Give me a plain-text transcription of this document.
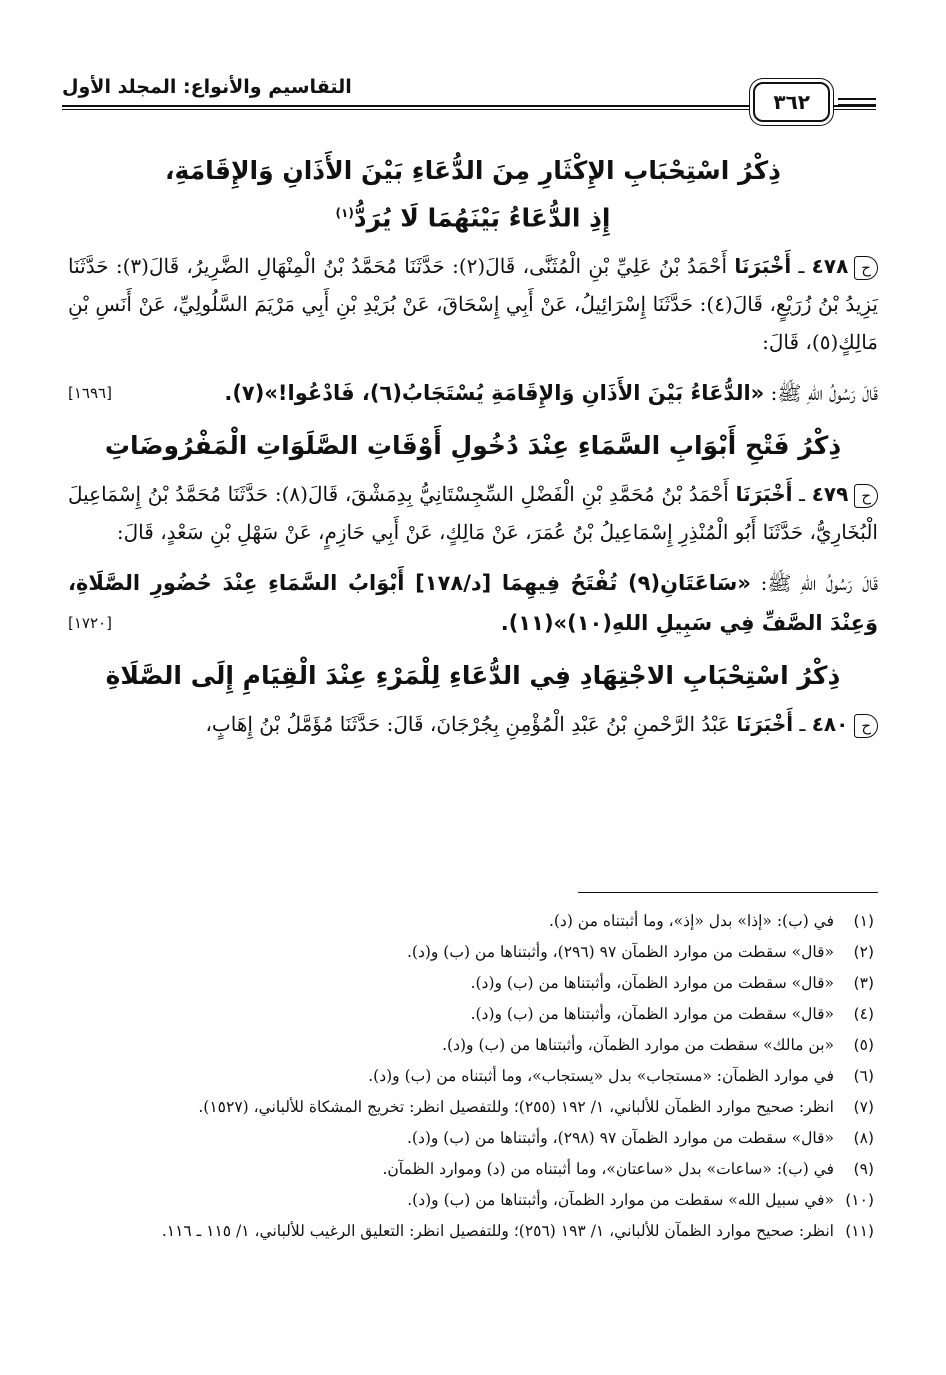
٣٦٢
التقاسيم والأنواع: المجلد الأول
ذِكْرُ اسْتِحْبَابِ الإِكْثَارِ مِنَ الدُّعَاءِ بَيْنَ الأَذَانِ وَالإِقَامَةِ،
إِذِ الدُّعَاءُ بَيْنَهُمَا لَا يُرَدُّ$^{(١)}$
ح٤٧٨ ـ أَخْبَرَنَا أَحْمَدُ بْنُ عَلِيِّ بْنِ الْمُثَنَّى، قَالَ(٢): حَدَّثَنَا مُحَمَّدُ بْنُ الْمِنْهَالِ الضَّرِيرُ، قَالَ(٣): حَدَّثَنَا يَزِيدُ بْنُ زُرَيْعٍ، قَالَ(٤): حَدَّثَنَا إِسْرَائِيلُ، عَنْ أَبِي إِسْحَاقَ، عَنْ بُرَيْدِ بْنِ أَبِي مَرْيَمَ السَّلُولِيِّ، عَنْ أَنَسِ بْنِ مَالِكٍ(٥)، قَالَ:
قَالَ رَسُولُ اللهِ ﷺ: «الدُّعَاءُ بَيْنَ الأَذَانِ وَالإِقَامَةِ يُسْتَجَابُ(٦)، فَادْعُوا!»(٧).
[١٦٩٦]
ذِكْرُ فَتْحِ أَبْوَابِ السَّمَاءِ عِنْدَ دُخُولِ أَوْقَاتِ الصَّلَوَاتِ الْمَفْرُوضَاتِ
ح٤٧٩ ـ أَخْبَرَنَا أَحْمَدُ بْنُ مُحَمَّدِ بْنِ الْفَضْلِ السِّجِسْتَانِيُّ بِدِمَشْقَ، قَالَ(٨): حَدَّثَنَا مُحَمَّدُ بْنُ إِسْمَاعِيلَ الْبُخَارِيُّ، حَدَّثَنَا أَبُو الْمُنْذِرِ إِسْمَاعِيلُ بْنُ عُمَرَ، عَنْ مَالِكٍ، عَنْ أَبِي حَازِمٍ، عَنْ سَهْلِ بْنِ سَعْدٍ، قَالَ:
قَالَ رَسُولُ اللهِ ﷺ: «سَاعَتَانِ(٩) تُفْتَحُ فِيهِمَا [د/١٧٨] أَبْوَابُ السَّمَاءِ عِنْدَ حُضُورِ الصَّلَاةِ، وَعِنْدَ الصَّفِّ فِي سَبِيلِ اللهِ(١٠)»(١١).
[١٧٢٠]
ذِكْرُ اسْتِحْبَابِ الاجْتِهَادِ فِي الدُّعَاءِ لِلْمَرْءِ عِنْدَ الْقِيَامِ إِلَى الصَّلَاةِ
ح٤٨٠ ـ أَخْبَرَنَا عَبْدُ الرَّحْمنِ بْنُ عَبْدِ الْمُؤْمِنِ بِجُرْجَانَ، قَالَ: حَدَّثَنَا مُؤَمَّلُ بْنُ إِهَابٍ،
(١)
في (ب): «إذا» بدل «إذ»، وما أثبتناه من (د).
(٢)
«قال» سقطت من موارد الظمآن ٩٧ (٢٩٦)، وأثبتناها من (ب) و(د).
(٣)
«قال» سقطت من موارد الظمآن، وأثبتناها من (ب) و(د).
(٤)
«قال» سقطت من موارد الظمآن، وأثبتناها من (ب) و(د).
(٥)
«بن مالك» سقطت من موارد الظمآن، وأثبتناها من (ب) و(د).
(٦)
في موارد الظمآن: «مستجاب» بدل «يستجاب»، وما أثبتناه من (ب) و(د).
(٧)
انظر: صحيح موارد الظمآن للألباني، ١/ ١٩٢ (٢٥٥)؛ وللتفصيل انظر: تخريج المشكاة للألباني، (١٥٢٧).
(٨)
«قال» سقطت من موارد الظمآن ٩٧ (٢٩٨)، وأثبتناها من (ب) و(د).
(٩)
في (ب): «ساعات» بدل «ساعتان»، وما أثبتناه من (د) وموارد الظمآن.
(١٠)
«في سبيل الله» سقطت من موارد الظمآن، وأثبتناها من (ب) و(د).
(١١)
انظر: صحيح موارد الظمآن للألباني، ١/ ١٩٣ (٢٥٦)؛ وللتفصيل انظر: التعليق الرغيب للألباني، ١/ ١١٥ ـ ١١٦.
